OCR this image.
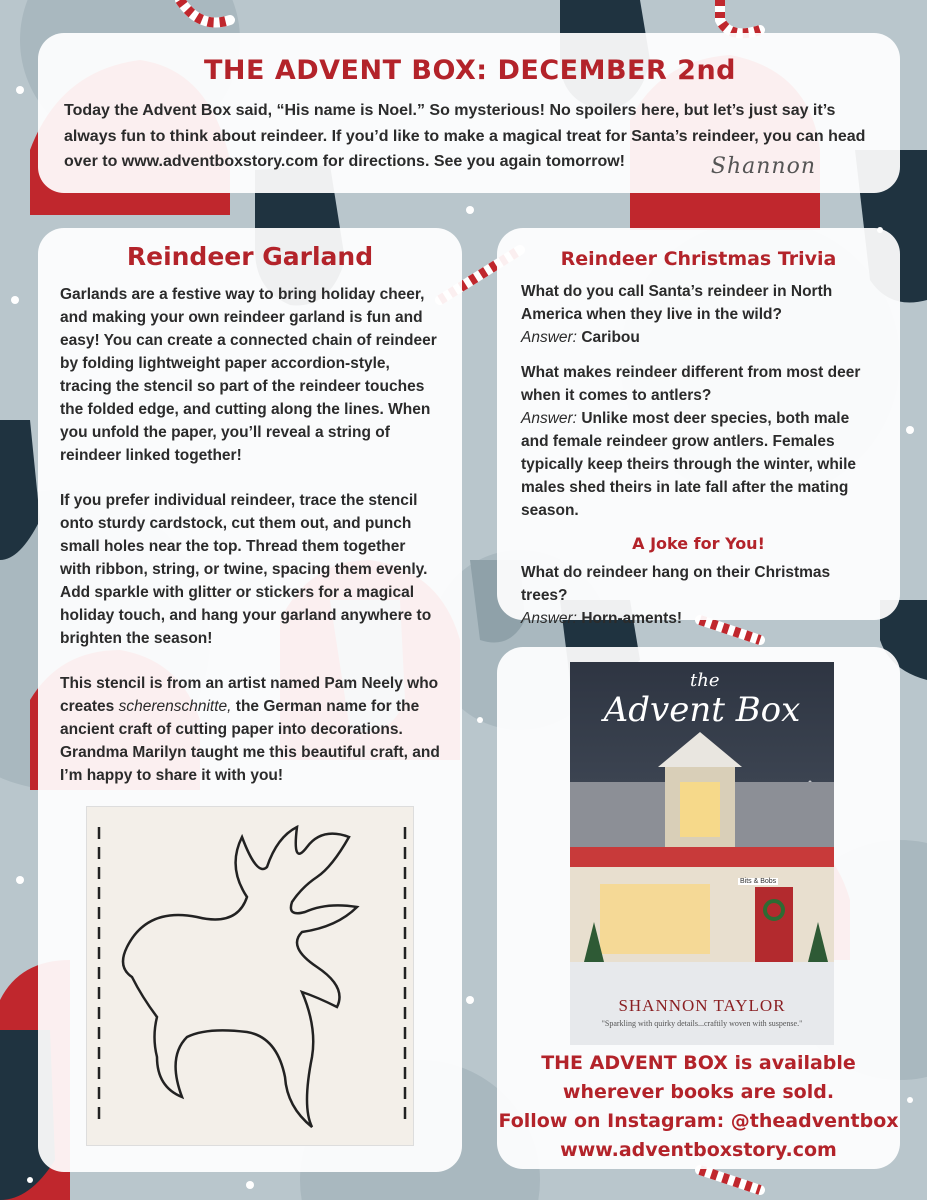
THE ADVENT BOX: DECEMBER 2nd

Today the Advent Box said, “His name is Noel.” So mysterious! No spoilers here, but let’s just say it’s always fun to think about reindeer. If you’d like to make a magical treat for Santa’s reindeer, you can head over to www.adventboxstory.com for directions. See you again tomorrow!	Shannon
Reindeer Garland

Garlands are a festive way to bring holiday cheer, and making your own reindeer garland is fun and easy! You can create a connected chain of reindeer by folding lightweight paper accordion-style, tracing the stencil so part of the reindeer touches the folded edge, and cutting along the lines. When you unfold the paper, you’ll reveal a string of reindeer linked together!

If you prefer individual reindeer, trace the stencil onto sturdy cardstock, cut them out, and punch small holes near the top. Thread them together with ribbon, string, or twine, spacing them evenly. Add sparkle with glitter or stickers for a magical holiday touch, and hang your garland anywhere to brighten the season!

This stencil is from an artist named Pam Neely who creates scherenschnitte, the German name for the ancient craft of cutting paper into decorations. Grandma Marilyn taught me this beautiful craft, and I’m happy to share it with you!

Reindeer Christmas Trivia
What do you call Santa’s reindeer in North America when they live in the wild?
Answer: Caribou
What makes reindeer different from most deer when it comes to antlers?
Answer: Unlike most deer species, both male and female reindeer grow antlers. Females typically keep theirs through the winter, while males shed theirs in late fall after the mating season.
A Joke for You!
What do reindeer hang on their Christmas trees?
Answer: Horn-aments!
the
Advent Box
Bits & Bobs
SHANNON TAYLOR
"Sparkling with quirky details...craftily woven with suspense."
THE ADVENT BOX is available
wherever books are sold.
Follow on Instagram: @theadventbox
www.adventboxstory.com
